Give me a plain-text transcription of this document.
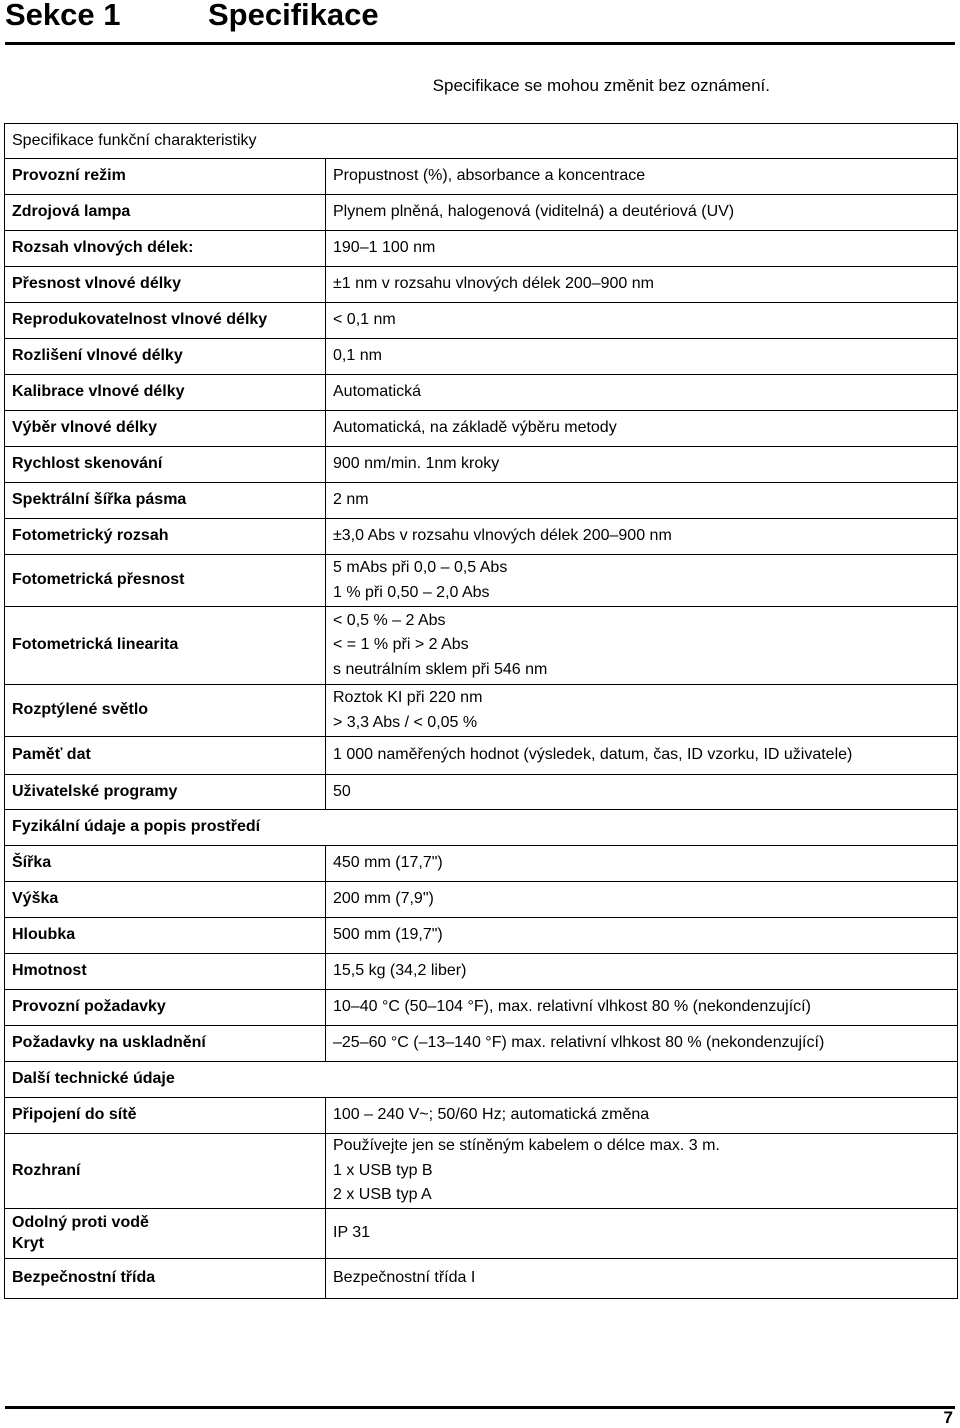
Sekce 1	Specifikace
Specifikace se mohou změnit bez oznámení.
Specifikace funkční charakteristiky	
Provozní režim	Propustnost (%), absorbance a koncentrace

Zdrojová lampa	Plynem plněná, halogenová (viditelná) a deutériová (UV)

Rozsah vlnových délek:	190–1 100 nm

Přesnost vlnové délky	±1 nm v rozsahu vlnových délek 200–900 nm

Reprodukovatelnost vlnové délky	< 0,1 nm

Rozlišení vlnové délky	0,1 nm

Kalibrace vlnové délky	Automatická

Výběr vlnové délky	Automatická, na základě výběru metody

Rychlost skenování	900 nm/min. 1nm kroky

Spektrální šířka pásma	2 nm

Fotometrický rozsah	±3,0 Abs v rozsahu vlnových délek 200–900 nm

Fotometrická přesnost	5 mAbs při 0,0 – 0,5 Abs
1 % při 0,50 – 2,0 Abs

Fotometrická linearita	< 0,5 % – 2 Abs
< = 1 % při > 2 Abs
s neutrálním sklem při 546 nm

Rozptýlené světlo	Roztok KI při 220 nm
> 3,3 Abs / < 0,05 %

Paměť dat	1 000 naměřených hodnot (výsledek, datum, čas, ID vzorku, ID uživatele)

Uživatelské programy	50

Fyzikální údaje a popis prostředí	
Šířka	450 mm (17,7")

Výška	200 mm (7,9")

Hloubka	500 mm (19,7")

Hmotnost	15,5 kg (34,2 liber)

Provozní požadavky	10–40 °C (50–104 °F), max. relativní vlhkost 80 % (nekondenzující)

Požadavky na uskladnění	–25–60 °C (–13–140 °F) max. relativní vlhkost 80 % (nekondenzující)

Další technické údaje	
Připojení do sítě	100 – 240 V~; 50/60 Hz; automatická změna

Rozhraní	Používejte jen se stíněným kabelem o délce max. 3 m.
1 x USB typ B
2 x USB typ A

Odolný proti vodě
Kryt	IP 31

Bezpečnostní třída	Bezpečnostní třída I
7
